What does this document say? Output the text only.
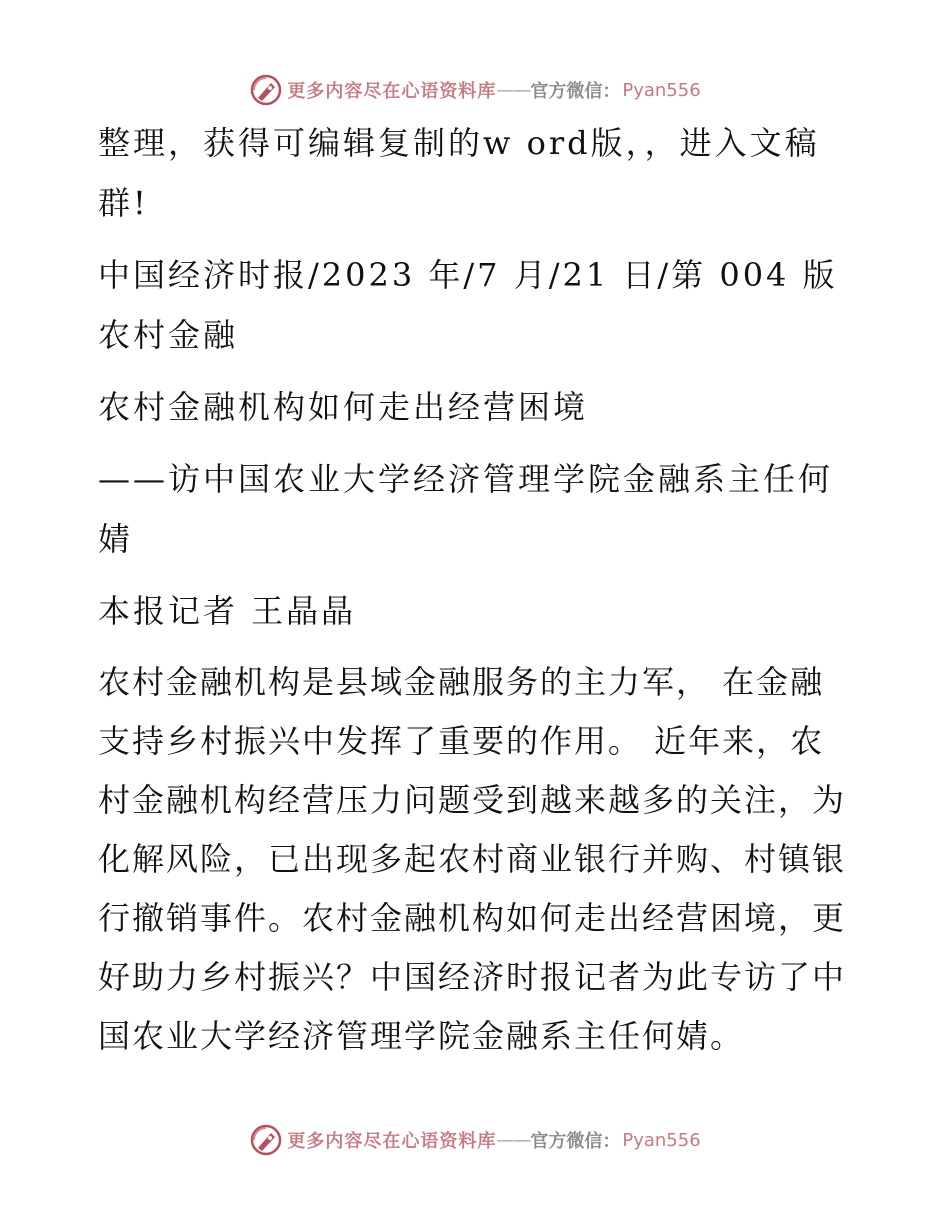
更多内容尽在心语资料库 —— 官方微信： Pyan556

整理，获得可编辑复制的w ord版，，进入文稿群!

中国经济时报/2023 年/7 月/21 日/第 004 版农村金融

农村金融机构如何走出经营困境

——访中国农业大学经济管理学院金融系主任何婧

本报记者 王晶晶

农村金融机构是县域金融服务的主力军， 在金融支持乡村振兴中发挥了重要的作用。 近年来，农村金融机构经营压力问题受到越来越多的关注，为化解风险，已出现多起农村商业银行并购、村镇银行撤销事件。农村金融机构如何走出经营困境，更好助力乡村振兴？中国经济时报记者为此专访了中国农业大学经济管理学院金融系主任何婧。

更多内容尽在心语资料库 —— 官方微信： Pyan556
